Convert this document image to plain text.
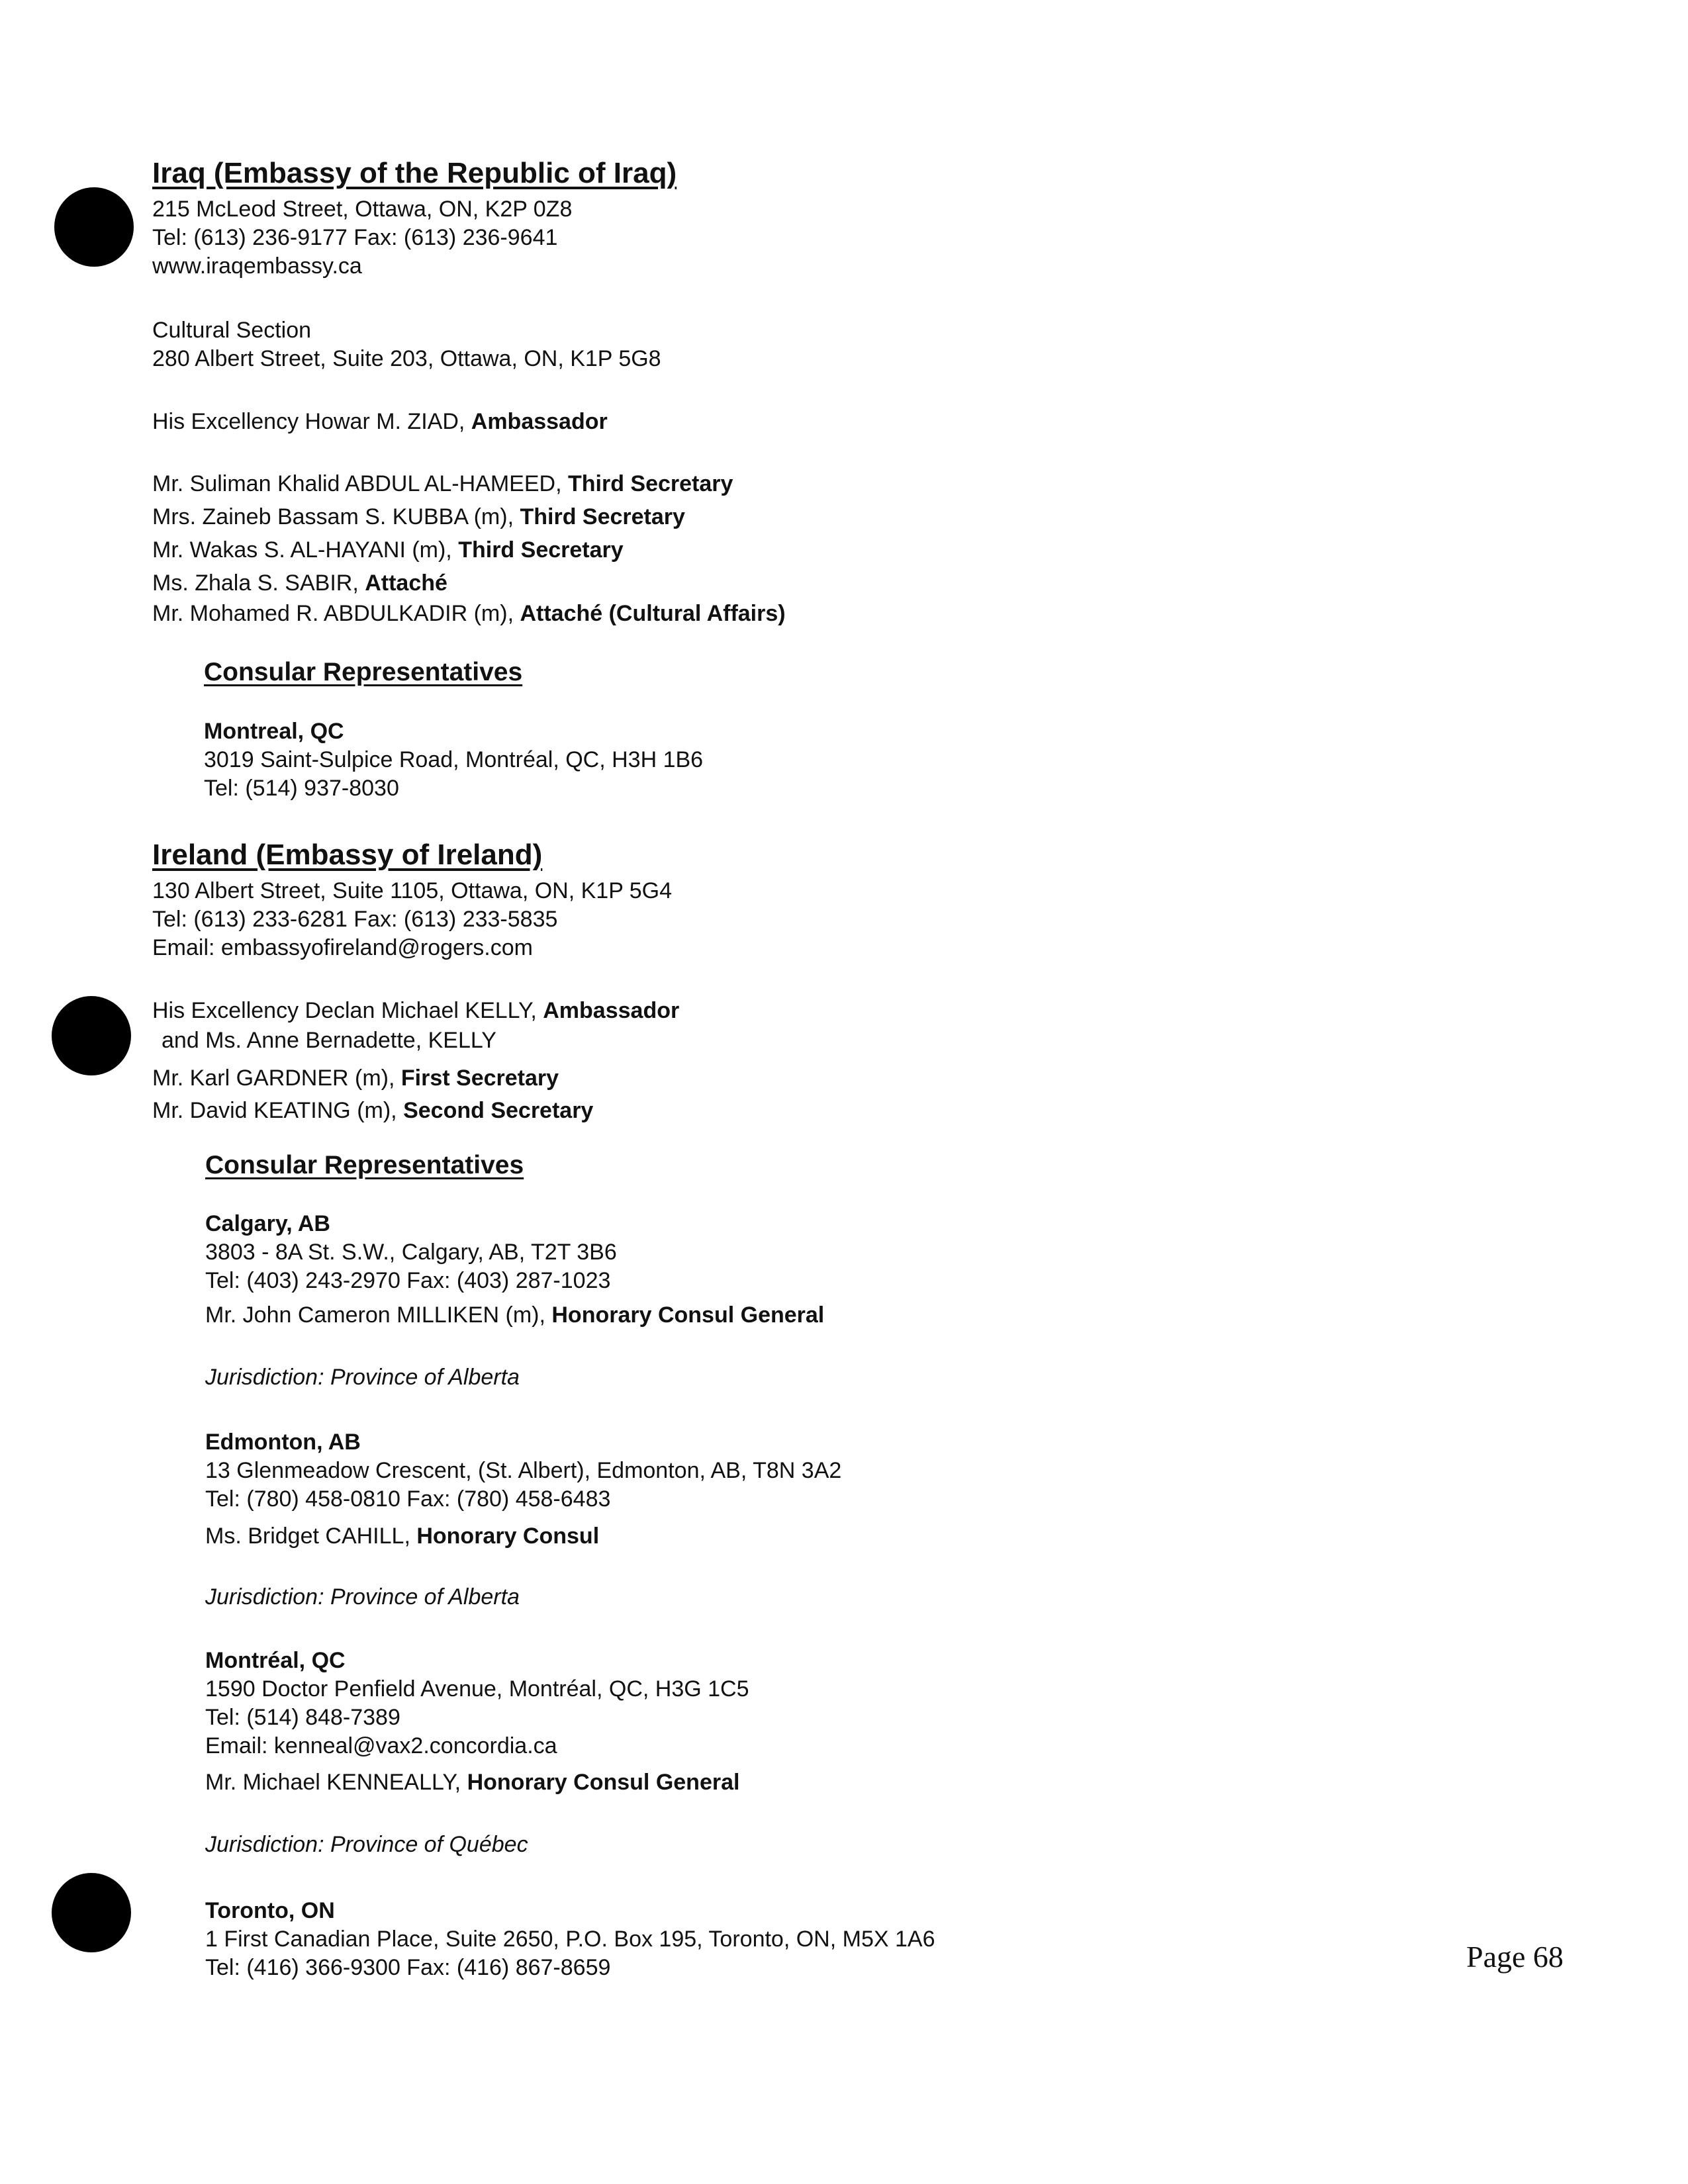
Iraq (Embassy of the Republic of Iraq)
215 McLeod Street, Ottawa, ON, K2P 0Z8
Tel: (613) 236-9177 Fax: (613) 236-9641
www.iraqembassy.ca
Cultural Section
280 Albert Street, Suite 203, Ottawa, ON, K1P 5G8
His Excellency Howar M. ZIAD, Ambassador
Mr. Suliman Khalid ABDUL AL-HAMEED, Third Secretary
Mrs. Zaineb Bassam S. KUBBA (m), Third Secretary
Mr. Wakas S. AL-HAYANI (m), Third Secretary
Ms. Zhala S. SABIR, Attaché
Mr. Mohamed R. ABDULKADIR (m), Attaché (Cultural Affairs)
Consular Representatives
Montreal, QC
3019 Saint-Sulpice Road, Montréal, QC, H3H 1B6
Tel: (514) 937-8030
Ireland (Embassy of Ireland)
130 Albert Street, Suite 1105, Ottawa, ON, K1P 5G4
Tel: (613) 233-6281 Fax: (613) 233-5835
Email: embassyofireland@rogers.com
His Excellency Declan Michael KELLY, Ambassador
and Ms. Anne Bernadette, KELLY
Mr. Karl GARDNER (m), First Secretary
Mr. David KEATING (m), Second Secretary
Consular Representatives
Calgary, AB
3803 - 8A St. S.W., Calgary, AB, T2T 3B6
Tel: (403) 243-2970 Fax: (403) 287-1023
Mr. John Cameron MILLIKEN (m), Honorary Consul General
Jurisdiction: Province of Alberta
Edmonton, AB
13 Glenmeadow Crescent, (St. Albert), Edmonton, AB, T8N 3A2
Tel: (780) 458-0810 Fax: (780) 458-6483
Ms. Bridget CAHILL, Honorary Consul
Jurisdiction: Province of Alberta
Montréal, QC
1590 Doctor Penfield Avenue, Montréal, QC, H3G 1C5
Tel: (514) 848-7389
Email: kenneal@vax2.concordia.ca
Mr. Michael KENNEALLY, Honorary Consul General
Jurisdiction: Province of Québec
Toronto, ON
1 First Canadian Place, Suite 2650, P.O. Box 195, Toronto, ON, M5X 1A6
Tel: (416) 366-9300 Fax: (416) 867-8659	Page 68
